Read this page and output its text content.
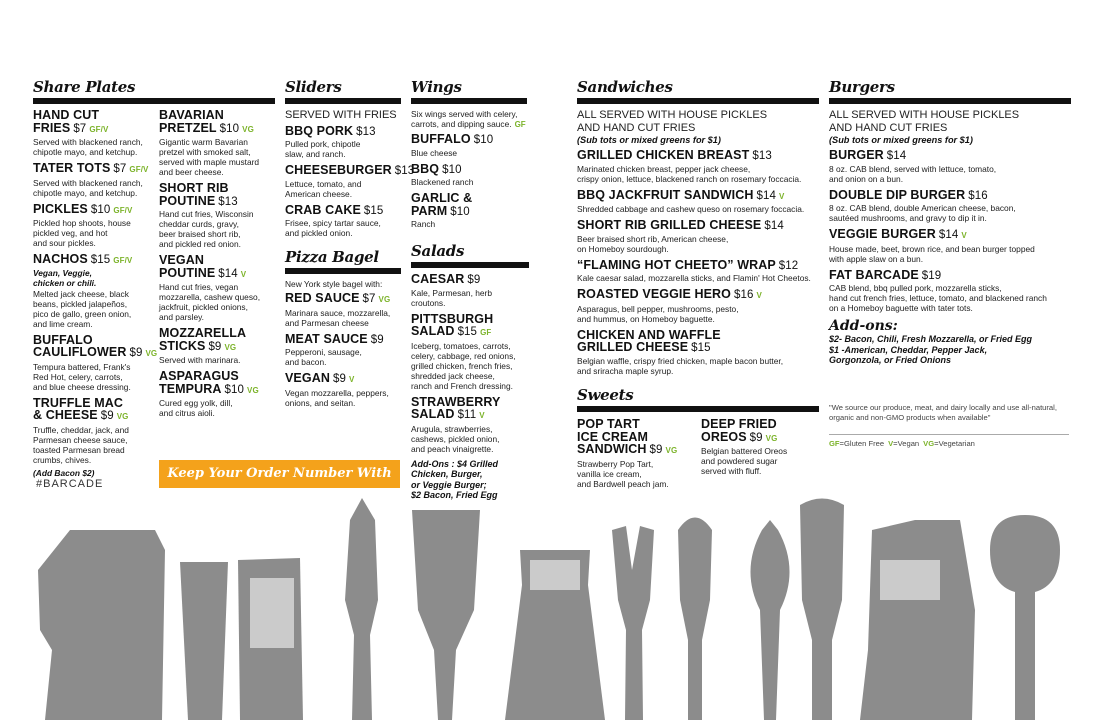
Share Plates
HAND CUT
FRIES $7 GF/V
Served with blackened ranch,
chipotle mayo, and ketchup.
TATER TOTS $7 GF/V
Served with blackened ranch,
chipotle mayo, and ketchup.
PICKLES $10 GF/V
Pickled hop shoots, house
pickled veg, and hot
and sour pickles.
NACHOS $15 GF/V
Vegan, Veggie,
chicken or chili.
Melted jack cheese, black
beans, pickled jalapeños,
pico de gallo, green onion,
and lime cream.
BUFFALO
CAULIFLOWER $9 VG
Tempura battered, Frank's
Red Hot, celery, carrots,
and blue cheese dressing.
TRUFFLE MAC
& CHEESE $9 VG
Truffle, cheddar, jack, and
Parmesan cheese sauce,
toasted Parmesan bread
crumbs, chives.
(Add Bacon $2)
BAVARIAN
PRETZEL $10 VG
Gigantic warm Bavarian
pretzel with smoked salt,
served with maple mustard
and beer cheese.
SHORT RIB
POUTINE $13
Hand cut fries, Wisconsin
cheddar curds, gravy,
beer braised short rib,
and pickled red onion.
VEGAN
POUTINE $14 V
Hand cut fries, vegan
mozzarella, cashew queso,
jackfruit, pickled onions,
and parsley.
MOZZARELLA
STICKS $9 VG
Served with marinara.
ASPARAGUS
TEMPURA $10 VG
Cured egg yolk, dill,
and citrus aioli.
#BARCADE
Keep Your Order Number With You
Sliders
SERVED WITH FRIES
BBQ PORK $13
Pulled pork, chipotle
slaw, and ranch.
CHEESEBURGER $13
Lettuce, tomato, and
American cheese.
CRAB CAKE $15
Frisee, spicy tartar sauce,
and pickled onion.
Pizza Bagel
New York style bagel with:
RED SAUCE $7 VG
Marinara sauce, mozzarella,
and Parmesan cheese
MEAT SAUCE $9
Pepperoni, sausage,
and bacon.
VEGAN $9 V
Vegan mozzarella, peppers,
onions, and seitan.
Wings
Six wings served with celery,
carrots, and dipping sauce. GF
BUFFALO $10
Blue cheese
BBQ $10
Blackened ranch
GARLIC & PARM $10
Ranch
Salads
CAESAR $9
Kale, Parmesan, herb
croutons.
PITTSBURGH
SALAD $15 GF
Iceberg, tomatoes, carrots,
celery, cabbage, red onions,
grilled chicken, french fries,
shredded jack cheese,
ranch and French dressing.
STRAWBERRY
SALAD $11 V
Arugula, strawberries,
cashews, pickled onion,
and peach vinaigrette.
Add-Ons : $4 Grilled
Chicken, Burger,
or Veggie Burger;
$2 Bacon, Fried Egg
Sandwiches
ALL SERVED WITH HOUSE PICKLES
AND HAND CUT FRIES
(Sub tots or mixed greens for $1)
GRILLED CHICKEN BREAST $13
Marinated chicken breast, pepper jack cheese,
crispy onion, lettuce, blackened ranch on rosemary foccacia.
BBQ JACKFRUIT SANDWICH $14 V
Shredded cabbage and cashew queso on rosemary foccacia.
SHORT RIB GRILLED CHEESE $14
Beer braised short rib, American cheese,
on Homeboy sourdough.
“FLAMING HOT CHEETO” WRAP $12
Kale caesar salad, mozzarella sticks, and Flamin' Hot Cheetos.
ROASTED VEGGIE HERO $16 V
Asparagus, bell pepper, mushrooms, pesto,
and hummus, on Homeboy baguette.
CHICKEN AND WAFFLE
GRILLED CHEESE $15
Belgian waffle, crispy fried chicken, maple bacon butter,
and sriracha maple syrup.
Sweets
POP TART
ICE CREAM
SANDWICH $9 VG
Strawberry Pop Tart,
vanilla ice cream,
and Bardwell peach jam.
DEEP FRIED
OREOS $9 VG
Belgian battered Oreos
and powdered sugar
served with fluff.
Burgers
ALL SERVED WITH HOUSE PICKLES
AND HAND CUT FRIES
(Sub tots or mixed greens for $1)
BURGER $14
8 oz. CAB blend, served with lettuce, tomato,
and onion on a bun.
DOUBLE DIP BURGER $16
8 oz. CAB blend, double American cheese, bacon,
sautéed mushrooms, and gravy to dip it in.
VEGGIE BURGER $14 V
House made, beet, brown rice, and bean burger topped
with apple slaw on a bun.
FAT BARCADE $19
CAB blend, bbq pulled pork, mozzarella sticks,
hand cut french fries, lettuce, tomato, and blackened ranch
on a Homeboy baguette with tater tots.
Add-ons:
$2- Bacon, Chili, Fresh Mozzarella, or Fried Egg
$1 -American, Cheddar, Pepper Jack,
Gorgonzola, or Fried Onions
"We source our produce, meat, and dairy locally and use all-natural, organic and non-GMO products when available"
GF=Gluten Free V=Vegan VG=Vegetarian
